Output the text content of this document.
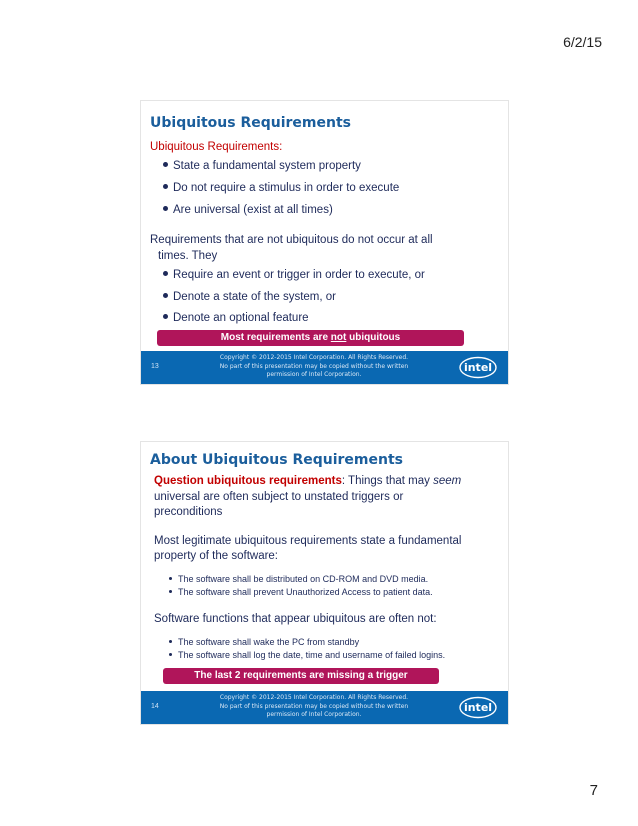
6/2/15
Ubiquitous Requirements
Ubiquitous Requirements:
State a fundamental system property
Do not require a stimulus in order to execute
Are universal (exist at all times)
Requirements that are not ubiquitous do not occur at all
times. They
Require an event or trigger in order to execute, or
Denote a state of the system, or
Denote an optional feature
Most requirements are not ubiquitous
13
Copyright © 2012-2015 Intel Corporation. All Rights Reserved.
No part of this presentation may be copied without the written
permission of Intel Corporation.
intel
About Ubiquitous Requirements
Question ubiquitous requirements: Things that may seem
universal are often subject to unstated triggers or
preconditions
Most legitimate ubiquitous requirements state a fundamental
property of the software:
The software shall be distributed on CD-ROM and DVD media.
The software shall prevent Unauthorized Access to patient data.
Software functions that appear ubiquitous are often not:
The software shall wake the PC from standby
The software shall log the date, time and username of failed logins.
The last 2 requirements are missing a trigger
14
Copyright © 2012-2015 Intel Corporation. All Rights Reserved.
No part of this presentation may be copied without the written
permission of Intel Corporation.
intel
7
